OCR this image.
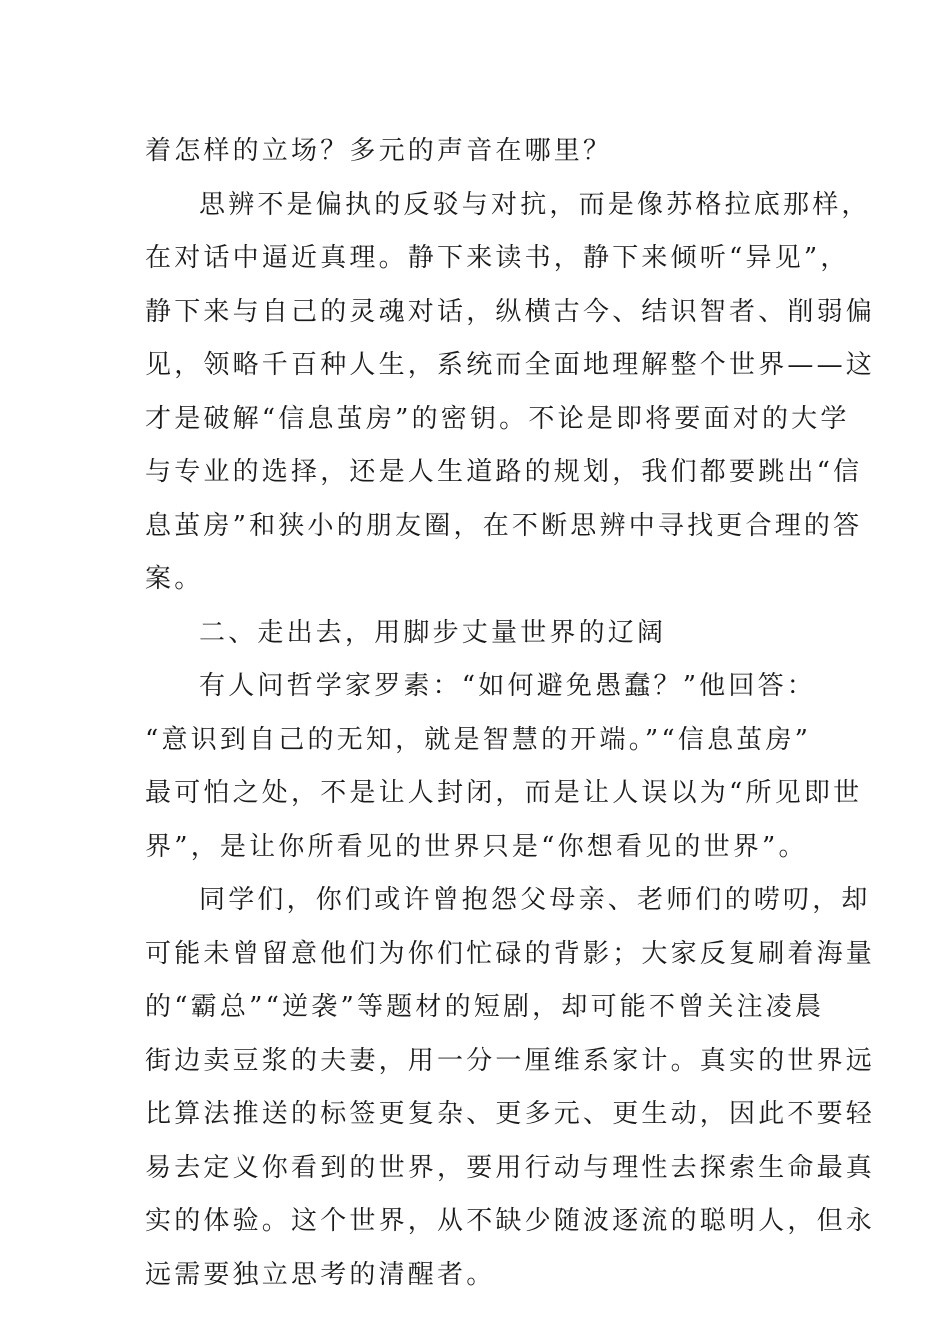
着怎样的立场？多元的声音在哪里？
思辨不是偏执的反驳与对抗，而是像苏格拉底那样，
在对话中逼近真理。静下来读书，静下来倾听“异见”，
静下来与自己的灵魂对话，纵横古今、结识智者、削弱偏
见，领略千百种人生，系统而全面地理解整个世界——这
才是破解“信息茧房”的密钥。不论是即将要面对的大学
与专业的选择，还是人生道路的规划，我们都要跳出“信
息茧房”和狭小的朋友圈，在不断思辨中寻找更合理的答
案。
二、走出去，用脚步丈量世界的辽阔
有人问哲学家罗素：“如何避免愚蠢？”他回答：
“意识到自己的无知，就是智慧的开端。”“信息茧房”
最可怕之处，不是让人封闭，而是让人误以为“所见即世
界”，是让你所看见的世界只是“你想看见的世界”。
同学们，你们或许曾抱怨父母亲、老师们的唠叨，却
可能未曾留意他们为你们忙碌的背影；大家反复刷着海量
的“霸总”“逆袭”等题材的短剧，却可能不曾关注凌晨
街边卖豆浆的夫妻，用一分一厘维系家计。真实的世界远
比算法推送的标签更复杂、更多元、更生动，因此不要轻
易去定义你看到的世界，要用行动与理性去探索生命最真
实的体验。这个世界，从不缺少随波逐流的聪明人，但永
远需要独立思考的清醒者。
